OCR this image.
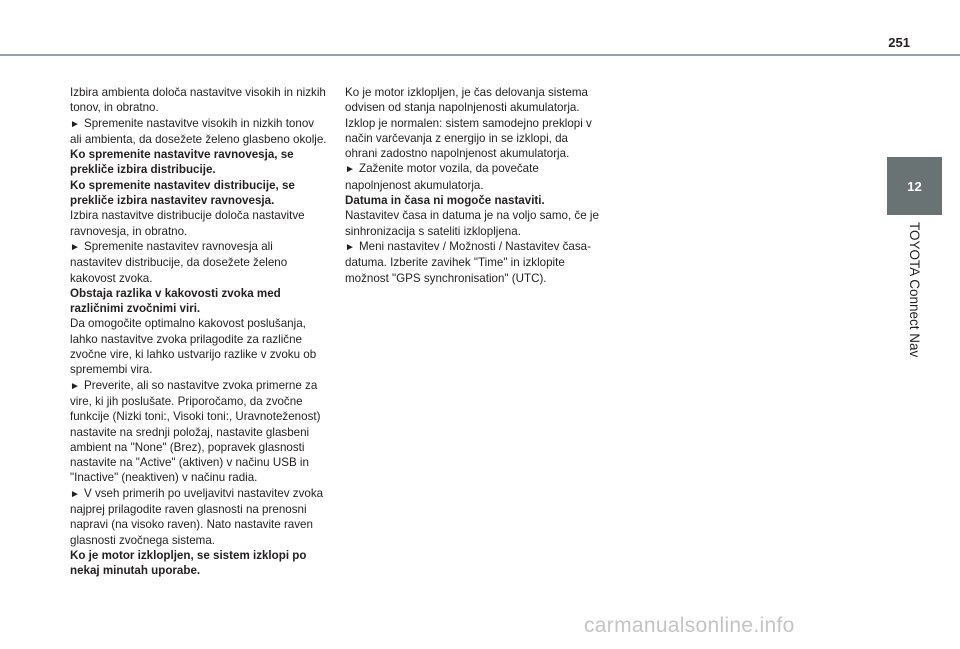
251
12
TOYOTA Connect Nav

Izbira ambienta določa nastavitve visokih in nizkih tonov, in obratno.

► Spremenite nastavitve visokih in nizkih tonov ali ambienta, da dosežete želeno glasbeno okolje.

Ko spremenite nastavitve ravnovesja, se prekliče izbira distribucije.

Ko spremenite nastavitev distribucije, se prekliče izbira nastavitev ravnovesja.

Izbira nastavitve distribucije določa nastavitve ravnovesja, in obratno.

► Spremenite nastavitev ravnovesja ali nastavitev distribucije, da dosežete želeno kakovost zvoka.

Obstaja razlika v kakovosti zvoka med različnimi zvočnimi viri.

Da omogočite optimalno kakovost poslušanja, lahko nastavitve zvoka prilagodite za različne zvočne vire, ki lahko ustvarijo razlike v zvoku ob spremembi vira.

► Preverite, ali so nastavitve zvoka primerne za vire, ki jih poslušate. Priporočamo, da zvočne funkcije (Nizki toni:, Visoki toni:, Uravnoteženost) nastavite na srednji položaj, nastavite glasbeni ambient na "None" (Brez), popravek glasnosti nastavite na "Active" (aktiven) v načinu USB in "Inactive" (neaktiven) v načinu radia.

► V vseh primerih po uveljavitvi nastavitev zvoka najprej prilagodite raven glasnosti na prenosni napravi (na visoko raven). Nato nastavite raven glasnosti zvočnega sistema.

Ko je motor izklopljen, se sistem izklopi po nekaj minutah uporabe.

Ko je motor izklopljen, je čas delovanja sistema odvisen od stanja napolnjenosti akumulatorja.

Izklop je normalen: sistem samodejno preklopi v način varčevanja z energijo in se izklopi, da ohrani zadostno napolnjenost akumulatorja.

► Zaženite motor vozila, da povečate napolnjenost akumulatorja.

Datuma in časa ni mogoče nastaviti.

Nastavitev časa in datuma je na voljo samo, če je sinhronizacija s sateliti izklopljena.

► Meni nastavitev / Možnosti / Nastavitev časa-datuma. Izberite zavihek "Time" in izklopite možnost "GPS synchronisation" (UTC).

carmanualsonline.info
